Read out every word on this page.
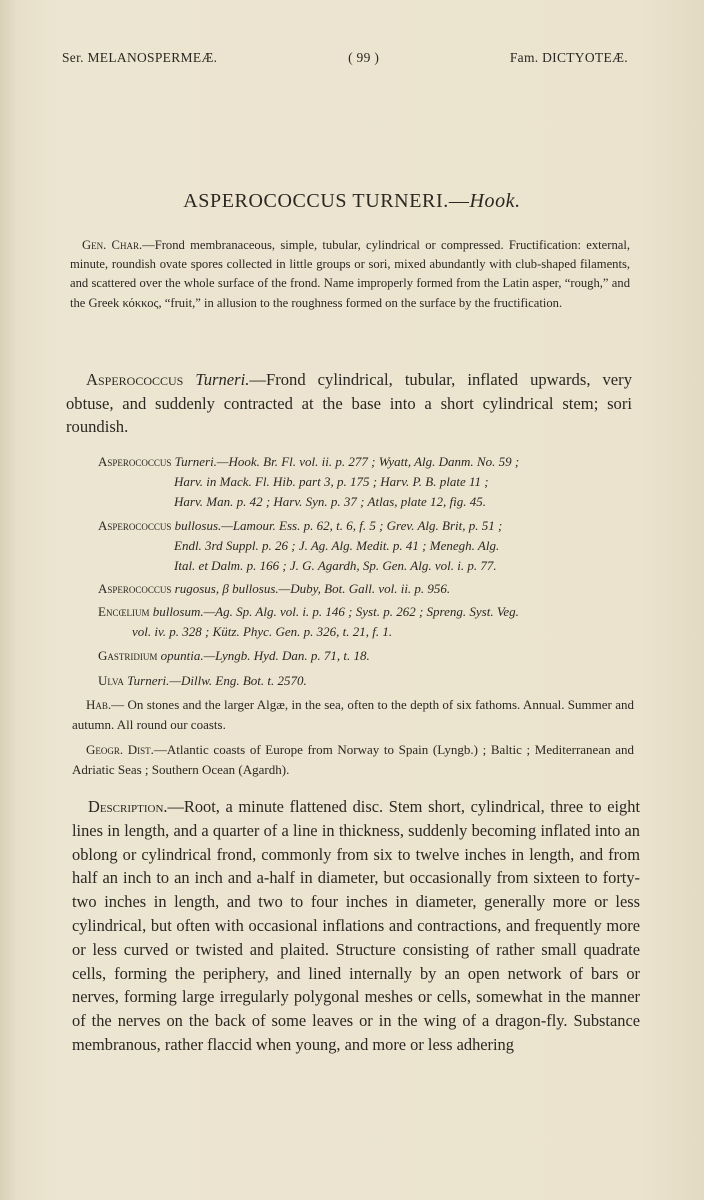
Ser. MELANOSPERMEÆ.	( 99 )	Fam. DICTYOTEÆ.
ASPEROCOCCUS TURNERI.—Hook.
Gen. Char.—Frond membranaceous, simple, tubular, cylindrical or compressed. Fructification: external, minute, roundish ovate spores collected in little groups or sori, mixed abundantly with club-shaped filaments, and scattered over the whole surface of the frond. Name improperly formed from the Latin asper, “rough,” and the Greek κόκκος, “fruit,” in allusion to the roughness formed on the surface by the fructification.
Asperococcus Turneri.—Frond cylindrical, tubular, inflated upwards, very obtuse, and suddenly contracted at the base into a short cylindrical stem; sori roundish.
Asperococcus Turneri.—Hook. Br. Fl. vol. ii. p. 277 ; Wyatt, Alg. Danm. No. 59 ;
Harv. in Mack. Fl. Hib. part 3, p. 175 ; Harv. P. B. plate 11 ;
Harv. Man. p. 42 ; Harv. Syn. p. 37 ; Atlas, plate 12, fig. 45.
Asperococcus bullosus.—Lamour. Ess. p. 62, t. 6, f. 5 ; Grev. Alg. Brit, p. 51 ;
Endl. 3rd Suppl. p. 26 ; J. Ag. Alg. Medit. p. 41 ; Menegh. Alg.
Ital. et Dalm. p. 166 ; J. G. Agardh, Sp. Gen. Alg. vol. i. p. 77.
Asperococcus rugosus, β bullosus.—Duby, Bot. Gall. vol. ii. p. 956.
Encœlium bullosum.—Ag. Sp. Alg. vol. i. p. 146 ; Syst. p. 262 ; Spreng. Syst. Veg.
vol. iv. p. 328 ; Kütz. Phyc. Gen. p. 326, t. 21, f. 1.
Gastridium opuntia.—Lyngb. Hyd. Dan. p. 71, t. 18.
Ulva Turneri.—Dillw. Eng. Bot. t. 2570.
Hab.— On stones and the larger Algæ, in the sea, often to the depth of six fathoms. Annual. Summer and autumn. All round our coasts.
Geogr. Dist.—Atlantic coasts of Europe from Norway to Spain (Lyngb.) ; Baltic ; Mediterranean and Adriatic Seas ; Southern Ocean (Agardh).
Description.—Root, a minute flattened disc. Stem short, cylindrical, three to eight lines in length, and a quarter of a line in thickness, suddenly becoming inflated into an oblong or cylindrical frond, commonly from six to twelve inches in length, and from half an inch to an inch and a-half in diameter, but occasionally from sixteen to forty-two inches in length, and two to four inches in diameter, generally more or less cylindrical, but often with occasional inflations and contractions, and frequently more or less curved or twisted and plaited. Structure consisting of rather small quadrate cells, forming the periphery, and lined internally by an open network of bars or nerves, forming large irregularly polygonal meshes or cells, somewhat in the manner of the nerves on the back of some leaves or in the wing of a dragon-fly. Substance membranous, rather flaccid when young, and more or less adhering
